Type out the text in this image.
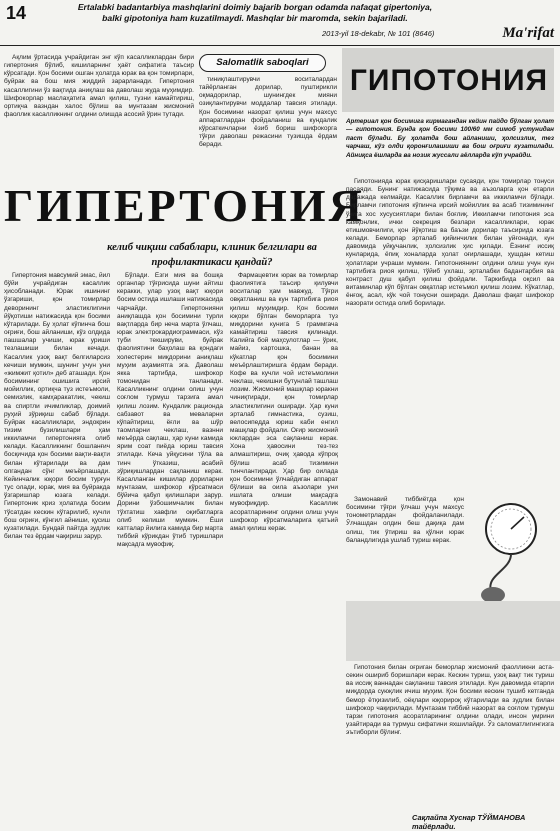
14	Ertalabki badantarbiya mashqlarini doimiy bajarib borgan odamda nafaqat gipertoniya,
balki gipotoniya ham kuzatilmaydi. Mashqlar bir maromda, sekin bajariladi.
2013-yil 18-dekabr, № 101 (8646)	Ma'rifat
Salomatlik saboqlari

Ақлим ўртасида учрайдиган энг кўп касалликлардан бири гипертония бўлиб, кишиларнинг ҳаёт сифатига таъсир кўрсатади. Қон босими ошган ҳолатда юрак ва қон томирлари, буйрак ва бош мия жиддий зарарланади. Гипертония касаллигини ўз вақтида аниқлаш ва даволаш жуда муҳимдир. Шифокорлар маслаҳатига амал қилиш, тузни камайтириш, ортиқча вазндан халос бўлиш ва мунтазам жисмоний фаоллик касалликнинг олдини олишда асосий ўрин тутади.

тиниқлаштирувчи воситалардан тайёрланган дорилар, пуштирикли оқмадорилар, шунингдек мияни озиқлантирувчи моддалар тавсия этилади. Қон босимини назорат қилиш учун махсус аппаратлардан фойдаланиш ва кундалик кўрсаткичларни ёзиб бориш шифокорга тўғри даволаш режасини тузишда ёрдам беради.

ГИПОТОНИЯ
Артериал қон босимига кирмагандан кейин пайдо бўлган ҳолат — гипотония. Бунда қон босими 100/60 мм симоб устунидан паст бўлади. Бу ҳолатда бош айланиши, ҳолсизлик, тез чарчаш, кўз олди қоронғилашиши ва бош оғриғи кузатилади. Айниқса ёшларда ва нозик жуссали аёлларда кўп учрайди.
ГИПЕРТОНИЯ
келиб чиқиш сабаблари, клиник белгилари ва
профилактикаси қандай?

Гипертония мавсумий эмас, йил бўйи учрайдиган касаллик ҳисобланади. Юрак ишининг ўзгариши, қон томирлар деворининг эластиклигини йўқотиши натижасида қон босими кўтарилади. Бу ҳолат кўпинча бош оғриғи, бош айланиши, кўз олдида пашшалар учиши, юрак уриши тезлашиши билан кечади. Касаллик узоқ вақт белгиларсиз кечиши мумкин, шунинг учун уни «жимжит қотил» деб аташади. Қон босимининг ошишига ирсий мойиллик, ортиқча туз истеъмоли, семизлик, камҳаракатлик, чекиш ва спиртли ичимликлар, доимий руҳий зўриқиш сабаб бўлади. Буйрак касалликлари, эндокрин тизим бузилишлари ҳам иккиламчи гипертонияга олиб келади. Касалликнинг бошланғич босқичида қон босими вақти-вақти билан кўтарилади ва дам олгандан сўнг меъёрлашади. Кейинчалик юқори босим турғун тус олади, юрак, мия ва буйракда ўзгаришлар юзага келади. Гипертоник криз ҳолатида босим тўсатдан кескин кўтарилиб, кучли бош оғриғи, кўнгил айниши, қусиш кузатилади. Бундай пайтда зудлик билан тез ёрдам чақириш зарур.

Бўлади. Ёзги мия ва бошқа органлар тўғрисида шуни айтиш керакки, улар узоқ вақт юқори босим остида ишлаши натижасида чарчайди. Гипертонияни аниқлашда қон босимини турли вақтларда бир неча марта ўлчаш, юрак электрокардиограммаси, кўз туби текшируви, буйрак фаолиятини баҳолаш ва қондаги холестерин миқдорини аниқлаш муҳим аҳамиятга эга. Даволаш якка тартибда, шифокор томонидан танланади. Касалликнинг олдини олиш учун соғлом турмуш тарзига амал қилиш лозим. Кундалик рационда сабзавот ва меваларни кўпайтириш, ёғли ва шўр таомларни чеклаш, вазнни меъёрда сақлаш, ҳар куни камида ярим соат пиёда юриш тавсия этилади. Кеча уйқусини тўла ва тинч ўтказиш, асабий зўриқишлардан сақланиш керак. Касалланган кишилар дориларни мунтазам, шифокор кўрсатмаси бўйича қабул қилишлари зарур. Дорини ўзбошимчалик билан тўхтатиш хавфли оқибатларга олиб келиши мумкин. Ёши катталар йилига камида бир марта тиббий кўрикдан ўтиб туришлари мақсадга мувофиқ.

Фармацевтик юрак ва томирлар фаолиятига таъсир қилувчи воситалар ҳам мавжуд. Тўғри овқатланиш ва кун тартибига риоя қилиш муҳимдир. Қон босими юқори бўлган беморларга туз миқдорини кунига 5 граммгача камайтириш тавсия қилинади. Калийга бой маҳсулотлар — ўрик, майиз, картошка, банан ва кўкатлар қон босимини меъёрлаштиришга ёрдам беради. Кофе ва кучли чой истеъмолини чеклаш, чекишни бутунлай ташлаш лозим. Жисмоний машқлар юракни чиниқтиради, қон томирлар эластиклигини оширади. Ҳар куни эрталаб гимнастика, сузиш, велосипедда юриш каби енгил машқлар фойдали. Оғир жисмоний юклардан эса сақланиш керак. Хона ҳавосини тез-тез алмаштириш, очиқ ҳавода кўпроқ бўлиш асаб тизимини тинчлантиради. Ҳар бир оилада қон босимини ўлчайдиган аппарат бўлиши ва оила аъзолари уни ишлата олиши мақсадга мувофиқдир. Касаллик асоратларининг олдини олиш учун шифокор кўрсатмаларига қатъий амал қилиш керак.

Гипотонияда юрак қисқаришлари сусаяди, қон томирлар тонуси пасаяди. Бунинг натижасида тўқима ва аъзоларга қон етарли даражада келмайди. Касаллик бирламчи ва иккиламчи бўлади. Бирламчи гипотония кўпинча ирсий мойиллик ва асаб тизимининг ўзига хос хусусиятлари билан боғлиқ. Иккиламчи гипотония эса камқонлик, ички секреция безлари касалликлари, юрак етишмовчилиги, қон йўқотиш ва баъзи дорилар таъсирида юзага келади. Беморлар эрталаб қийинчилик билан уйғонади, кун давомида уйқучанлик, ҳолсизлик ҳис қилади. Ёзнинг иссиқ кунларида, ёпиқ хоналарда ҳолат оғирлашади, ҳушдан кетиш ҳолатлари учраши мумкин. Гипотониянинг олдини олиш учун кун тартибига риоя қилиш, тўйиб ухлаш, эрталабки бадантарбия ва контраст душ қабул қилиш фойдали. Таркибида оқсил ва витаминлар кўп бўлган овқатлар истеъмол қилиш лозим. Кўкатлар, ёнғоқ, асал, кўк чой тонусни оширади. Даволаш фақат шифокор назорати остида олиб борилади.

Замонавий тиббиётда қон босимини тўғри ўлчаш учун махсус тонометрлардан фойдаланилади. Ўлчашдан олдин беш дақиқа дам олиш, тик ўтириш ва қўлни юрак баландлигида ушлаб туриш керак.

Гипотония билан оғриган беморлар жисмоний фаолликни аста-секин ошириб боришлари керак. Кескин туриш, узоқ вақт тик туриш ва иссиқ ваннадан сақланиш тавсия этилади. Кун давомида етарли миқдорда суюқлик ичиш муҳим. Қон босими кескин тушиб кетганда бемор ётқизилиб, оёқлари юқорироқ кўтарилади ва зудлик билан шифокор чақирилади. Мунтазам тиббий назорат ва соғлом турмуш тарзи гипотония асоратларининг олдини олади, инсон умрини узайтиради ва турмуш сифатини яхшилайди. Ўз саломатлигингизга эътиборли бўлинг.

Сақлайпа Хуснар ТЎЙМАНОВА тайёрлади.
